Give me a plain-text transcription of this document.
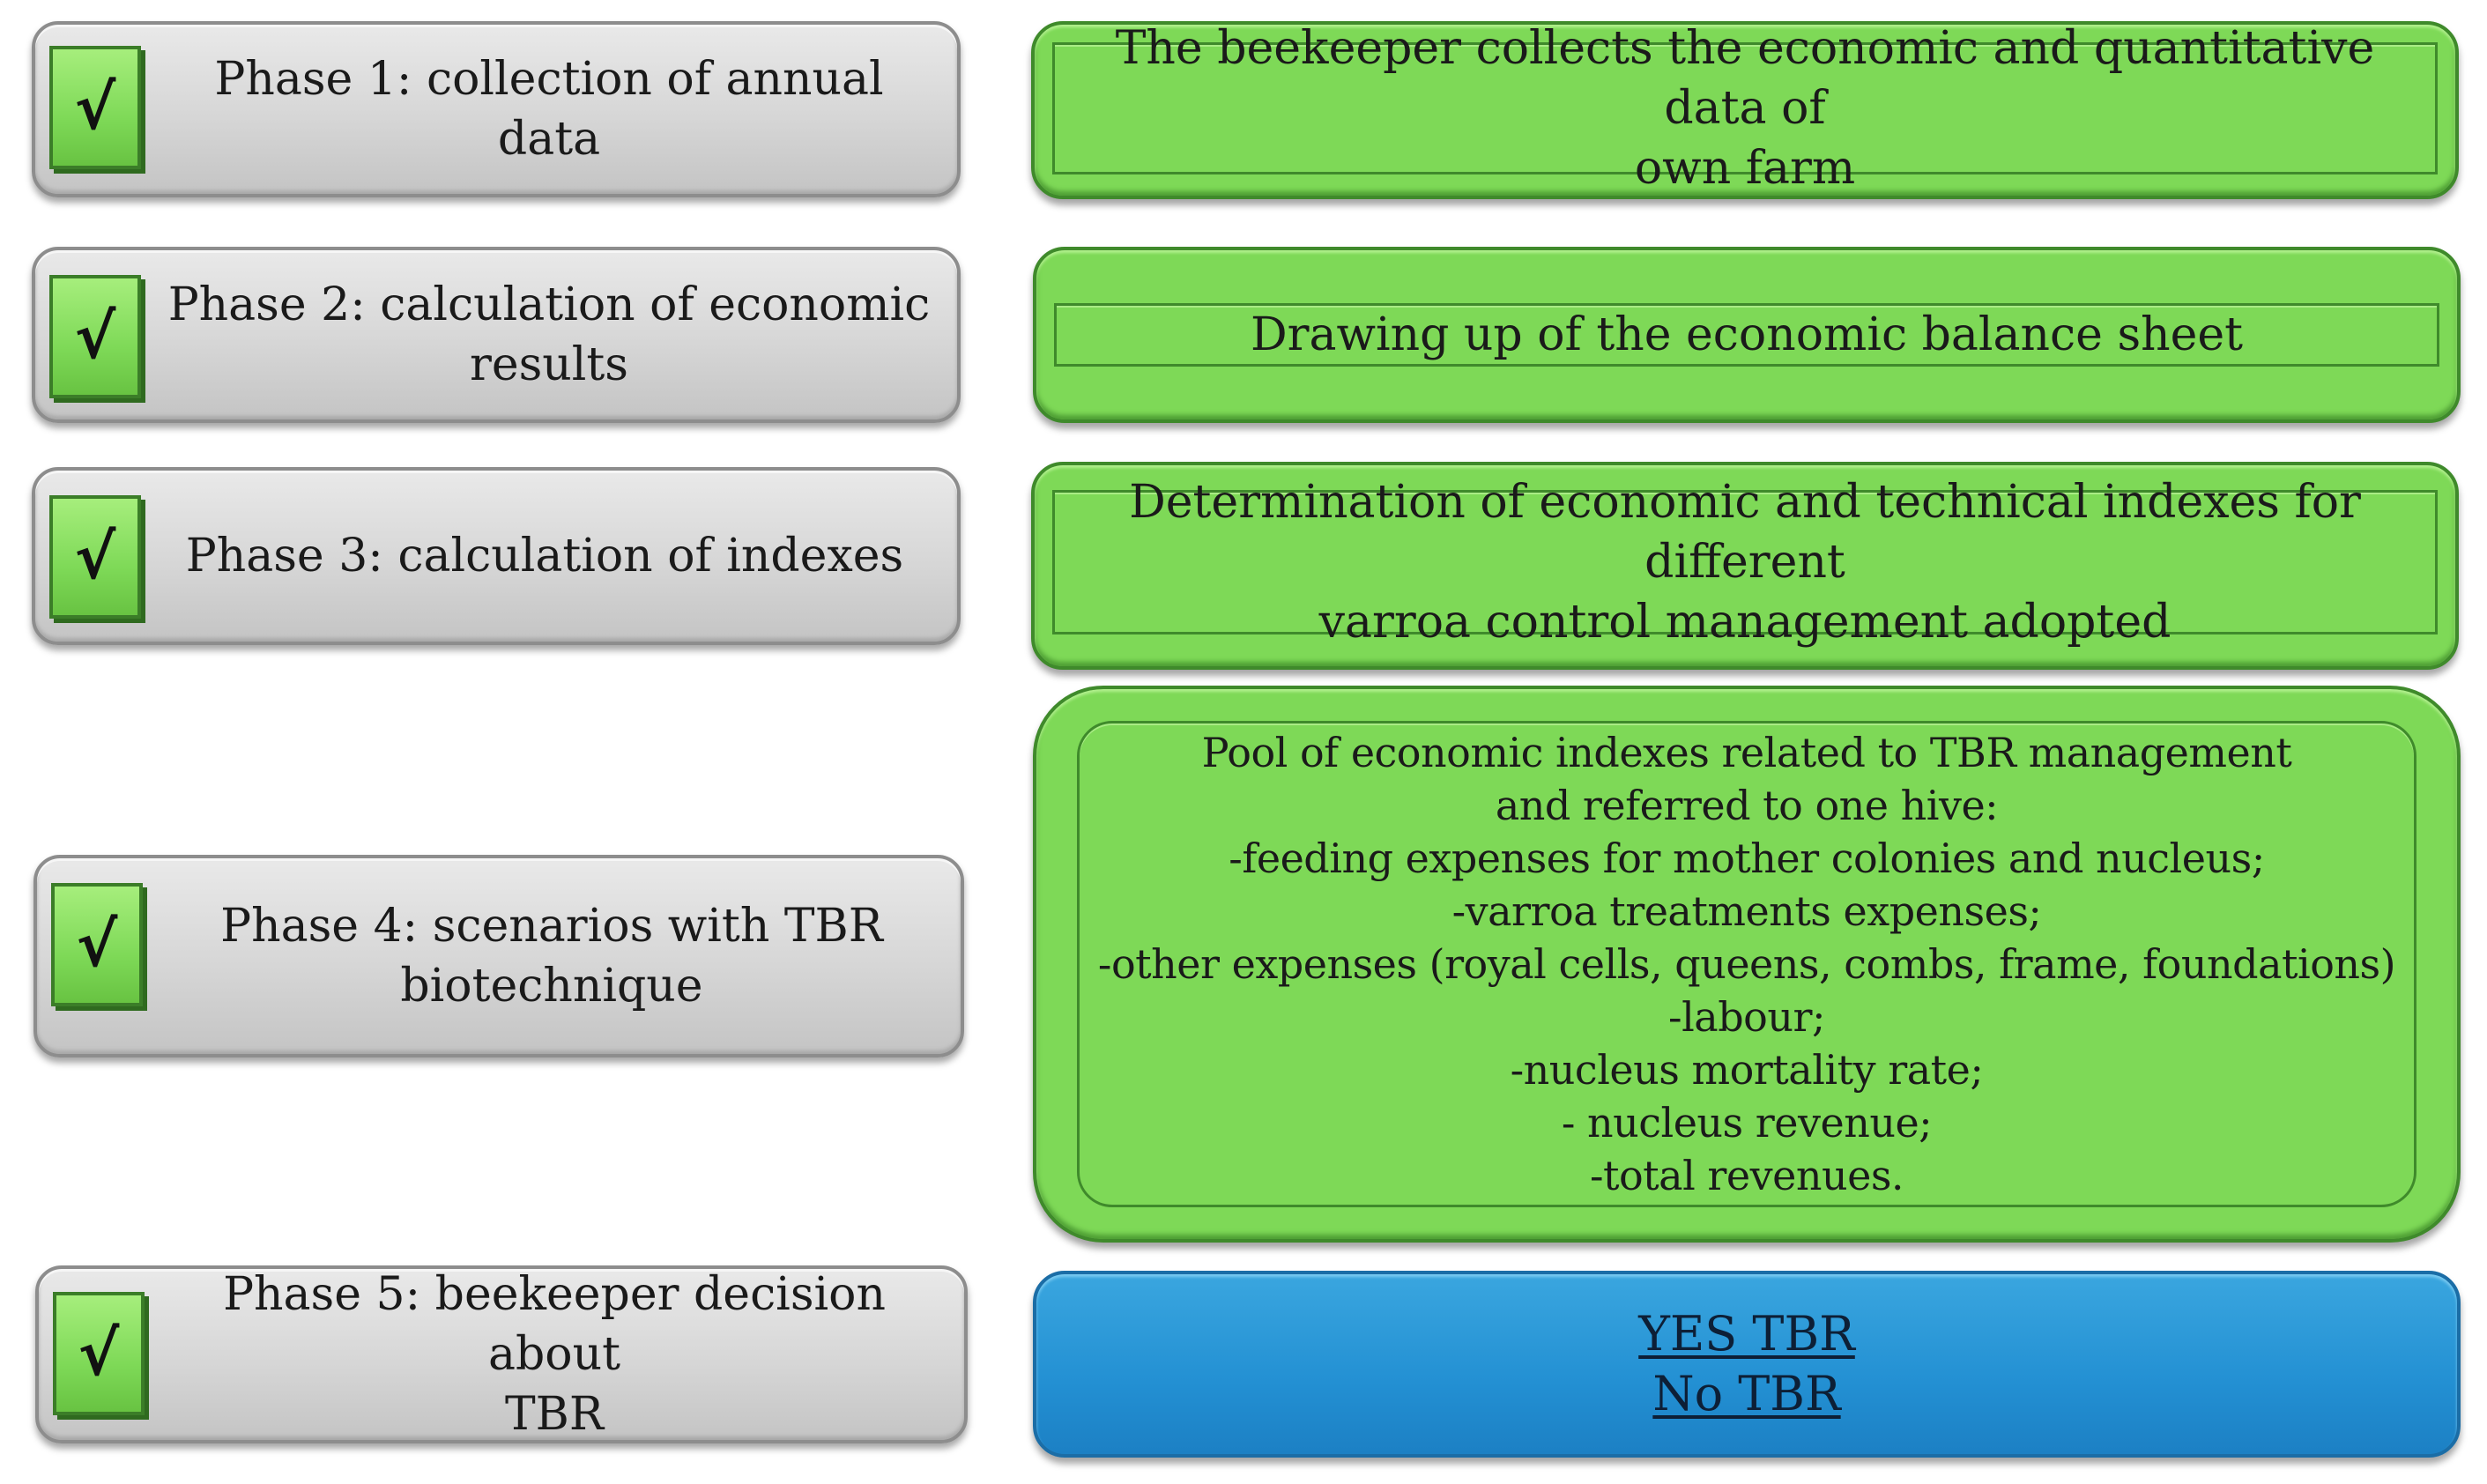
√	Phase 1: collection of annual data
√	Phase 2: calculation of economic
results
√	Phase 3: calculation of indexes
√	Phase 4: scenarios with TBR
biotechnique
√
Phase 5: beekeeper decision about
TBR
The beekeeper collects the economic and quantitative data of
own farm
Drawing up of the economic balance sheet
Determination of economic and technical indexes for different
varroa control management adopted
Pool of economic indexes related to TBR management
and referred to one hive:
-feeding expenses for mother colonies and nucleus;
-varroa treatments expenses;
-other expenses (royal cells, queens, combs, frame, foundations)
-labour;
-nucleus mortality rate;
- nucleus revenue;
-total revenues.
YES TBR
No TBR
